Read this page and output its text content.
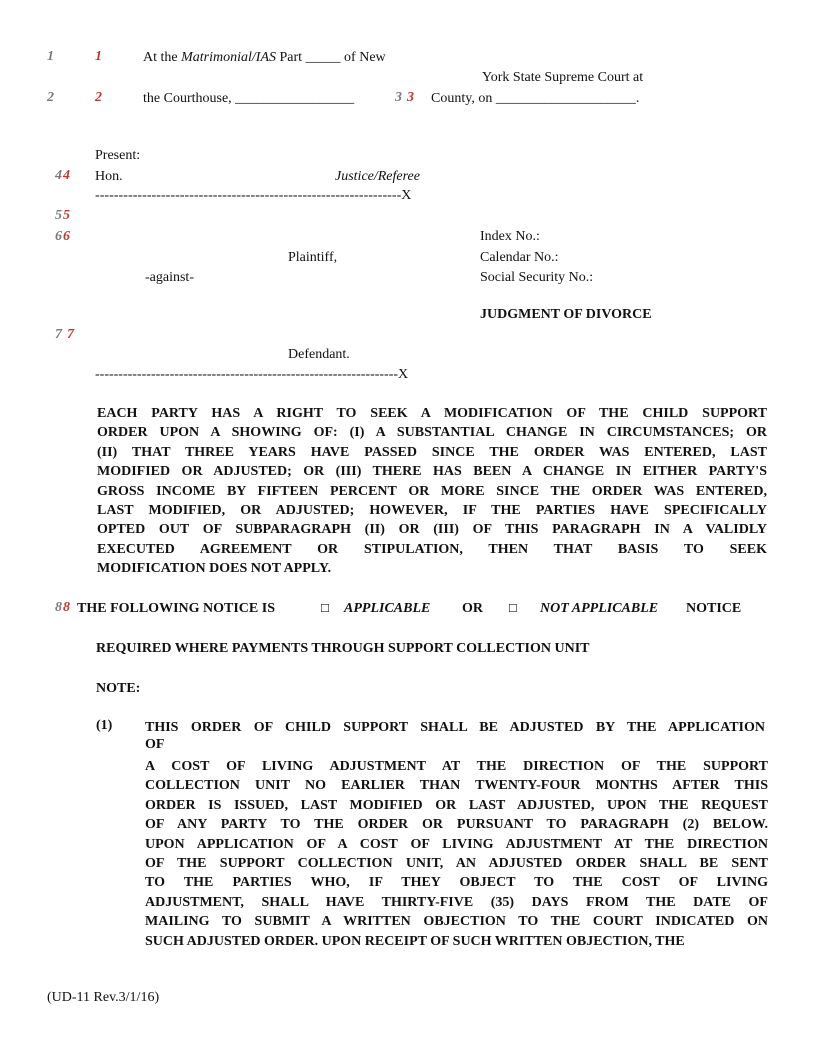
1	1	At the Matrimonial/IAS Part _____ of New
York State Supreme Court at
2	2	the Courthouse, _________________	3 3 County, on ____________________.
Present:
4 4 Hon.	Justice/Referee
-----------------------------------------------------------------X
5 5
6 6	Index No.:
Plaintiff,	Calendar No.:
-against-	Social Security No.:
JUDGMENT OF DIVORCE
7 7
Defendant.
-----------------------------------------------------------------X
EACH PARTY HAS A RIGHT TO SEEK A MODIFICATION OF THE CHILD SUPPORT
ORDER UPON A SHOWING OF: (I) A SUBSTANTIAL CHANGE IN CIRCUMSTANCES; OR
(II) THAT THREE YEARS HAVE PASSED SINCE THE ORDER WAS ENTERED, LAST
MODIFIED OR ADJUSTED; OR (III) THERE HAS BEEN A CHANGE IN EITHER PARTY'S
GROSS INCOME BY FIFTEEN PERCENT OR MORE SINCE THE ORDER WAS ENTERED,
LAST MODIFIED, OR ADJUSTED; HOWEVER, IF THE PARTIES HAVE SPECIFICALLY
OPTED OUT OF SUBPARAGRAPH (II) OR (III) OF THIS PARAGRAPH IN A VALIDLY
EXECUTED AGREEMENT OR STIPULATION, THEN THAT BASIS TO SEEK
MODIFICATION DOES NOT APPLY.
8 8 THE FOLLOWING NOTICE IS	☐ APPLICABLE OR ☐ NOT APPLICABLE NOTICE
REQUIRED WHERE PAYMENTS THROUGH SUPPORT COLLECTION UNIT
NOTE:
(1) THIS ORDER OF CHILD SUPPORT SHALL BE ADJUSTED BY THE APPLICATION
OF
A COST OF LIVING ADJUSTMENT AT THE DIRECTION OF THE SUPPORT
COLLECTION UNIT NO EARLIER THAN TWENTY-FOUR MONTHS AFTER THIS
ORDER IS ISSUED, LAST MODIFIED OR LAST ADJUSTED, UPON THE REQUEST
OF ANY PARTY TO THE ORDER OR PURSUANT TO PARAGRAPH (2) BELOW.
UPON APPLICATION OF A COST OF LIVING ADJUSTMENT AT THE DIRECTION
OF THE SUPPORT COLLECTION UNIT, AN ADJUSTED ORDER SHALL BE SENT
TO THE PARTIES WHO, IF THEY OBJECT TO THE COST OF LIVING
ADJUSTMENT, SHALL HAVE THIRTY-FIVE (35) DAYS FROM THE DATE OF
MAILING TO SUBMIT A WRITTEN OBJECTION TO THE COURT INDICATED ON
SUCH ADJUSTED ORDER. UPON RECEIPT OF SUCH WRITTEN OBJECTION, THE
(UD-11 Rev.3/1/16)
